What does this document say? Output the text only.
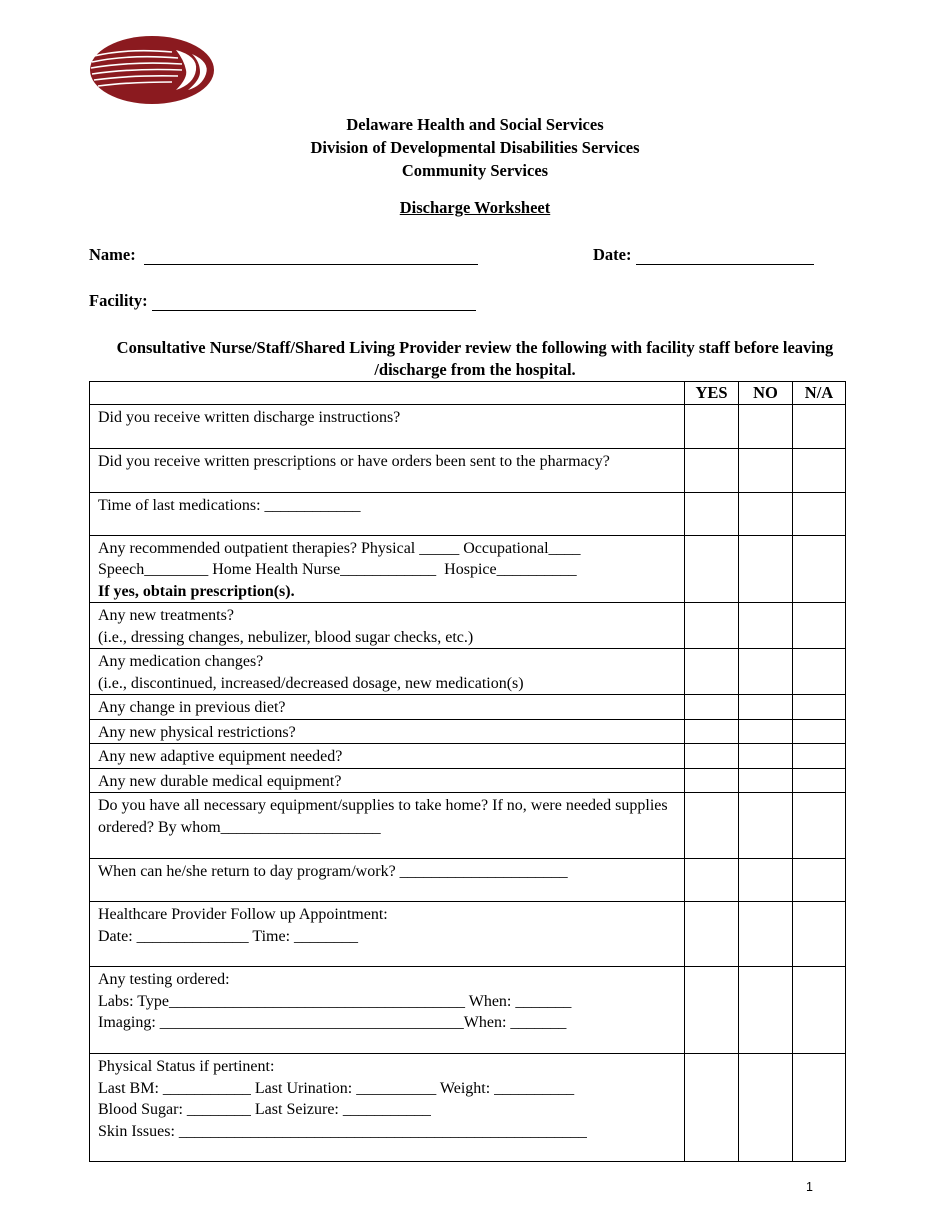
Delaware Health and Social Services
Division of Developmental Disabilities Services
Community Services
Discharge Worksheet
Name:	Date:
Facility:
Consultative Nurse/Staff/Shared Living Provider review the following with facility staff before leaving /discharge from the hospital.
	YES	NO	N/A

Did you receive written discharge instructions?			

Did you receive written prescriptions or have orders been sent to the pharmacy?			

Time of last medications: ____________			

Any recommended outpatient therapies? Physical _____ Occupational____
Speech________ Home Health Nurse____________  Hospice__________
If yes, obtain prescription(s).			

Any new treatments?
(i.e., dressing changes, nebulizer, blood sugar checks, etc.)			

Any medication changes?
(i.e., discontinued, increased/decreased dosage, new medication(s)			

Any change in previous diet?			

Any new physical restrictions?			

Any new adaptive equipment needed?			

Any new durable medical equipment?			

Do you have all necessary equipment/supplies to take home? If no, were needed supplies ordered? By whom____________________			

When can he/she return to day program/work? _____________________			

Healthcare Provider Follow up Appointment:
Date: ______________ Time: ________			

Any testing ordered:
Labs: Type_____________________________________ When: _______
Imaging: ______________________________________When: _______			

Physical Status if pertinent:
Last BM: ___________ Last Urination: __________ Weight: __________
Blood Sugar: ________ Last Seizure: ___________
Skin Issues: ___________________________________________________			

1
